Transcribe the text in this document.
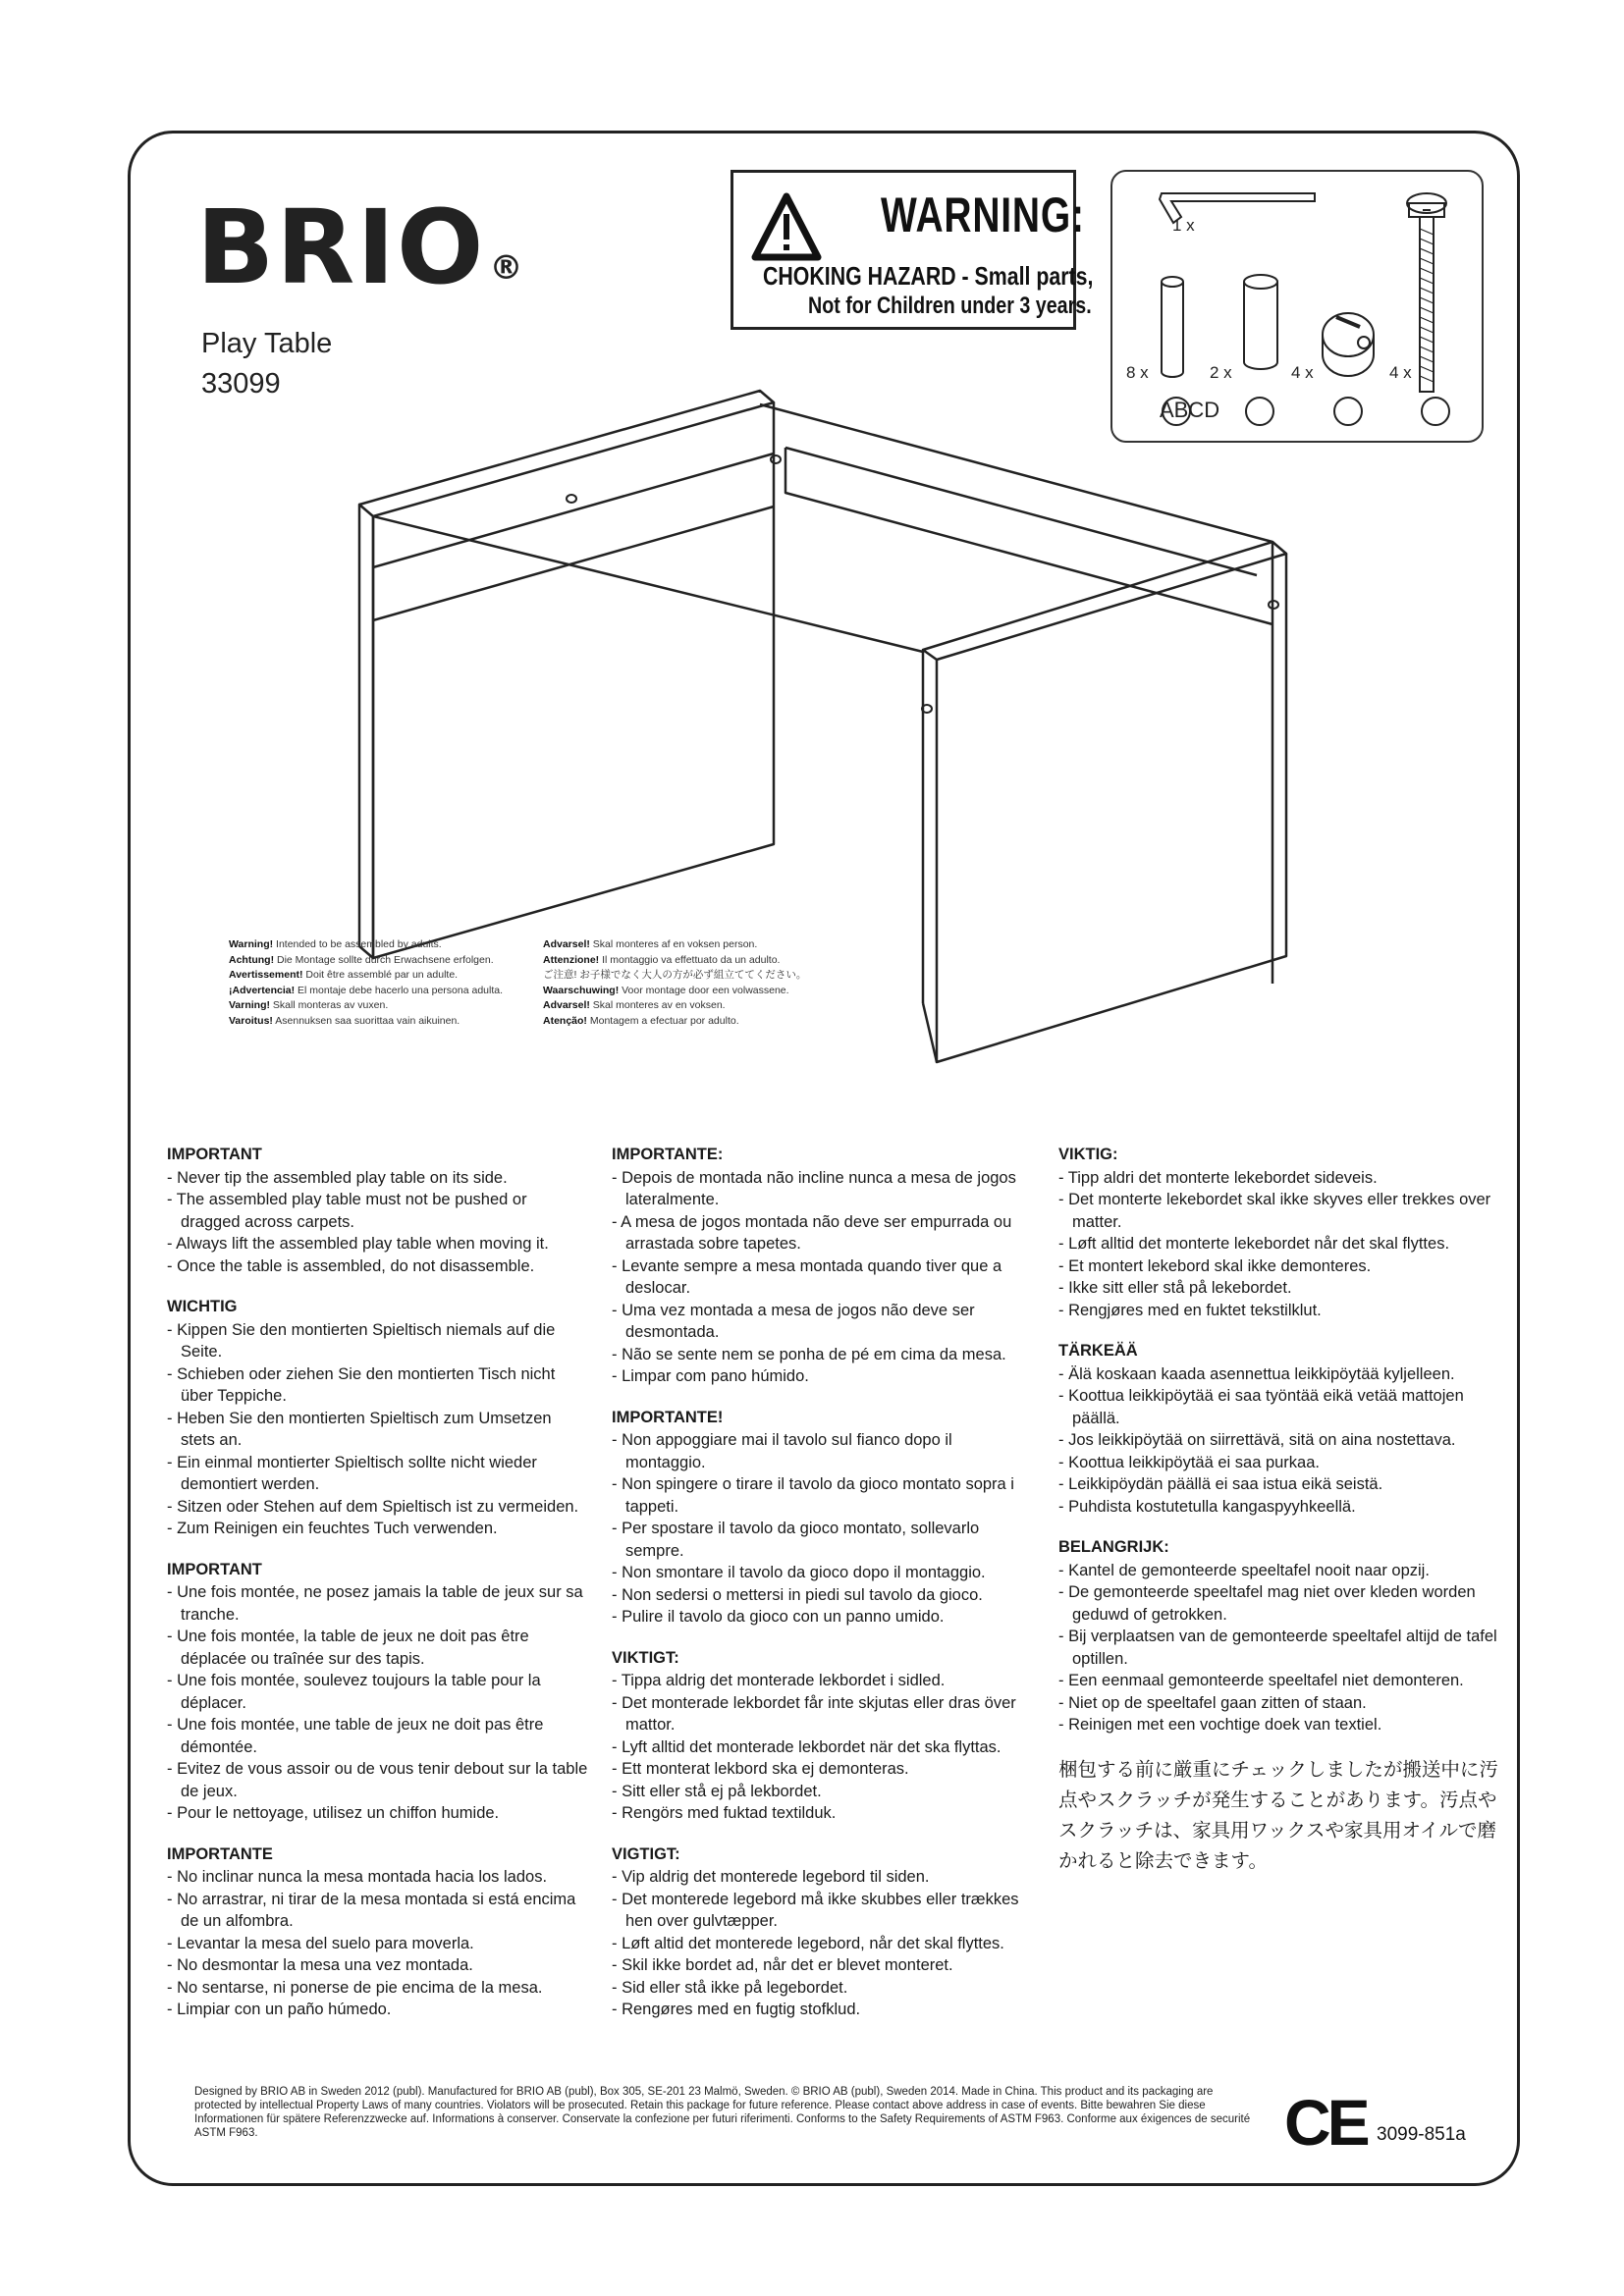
BRIO ®
Play Table
33099
WARNING:
CHOKING HAZARD - Small parts,
Not for Children under 3 years.
1 x
8 x	2 x	4 x	4 x
ABCD
Warning! Intended to be assembled by adults.
Achtung! Die Montage sollte durch Erwachsene erfolgen.
Avertissement! Doit être assemblé par un adulte.
¡Advertencia! El montaje debe hacerlo una persona adulta.
Varning! Skall monteras av vuxen.
Varoitus! Asennuksen saa suorittaa vain aikuinen.
Advarsel! Skal monteres af en voksen person.
Attenzione! Il montaggio va effettuato da un adulto.
ご注意! お子様でなく大人の方が必ず組立ててください。
Waarschuwing! Voor montage door een volwassene.
Advarsel! Skal monteres av en voksen.
Atenção! Montagem a efectuar por adulto.
IMPORTANT

- Never tip the assembled play table on its side.

- The assembled play table must not be pushed or dragged across carpets.

- Always lift the assembled play table when moving it.

- Once the table is assembled, do not disassemble.

WICHTIG

- Kippen Sie den montierten Spieltisch niemals auf die Seite.

- Schieben oder ziehen Sie den montierten Tisch nicht über Teppiche.

- Heben Sie den montierten Spieltisch zum Umsetzen stets an.

- Ein einmal montierter Spieltisch sollte nicht wieder demontiert werden.

- Sitzen oder Stehen auf dem Spieltisch ist zu vermeiden.

- Zum Reinigen ein feuchtes Tuch verwenden.

IMPORTANT

- Une fois montée, ne posez jamais la table de jeux sur sa tranche.

- Une fois montée, la table de jeux ne doit pas être déplacée ou traînée sur des tapis.

- Une fois montée, soulevez toujours la table pour la déplacer.

- Une fois montée, une table de jeux ne doit pas être démontée.

- Evitez de vous assoir ou de vous tenir debout sur la table de jeux.

- Pour le nettoyage, utilisez un chiffon humide.

IMPORTANTE

- No inclinar nunca la mesa montada hacia los lados.

- No arrastrar, ni tirar de la mesa montada si está encima de un alfombra.

- Levantar la mesa del suelo para moverla.

- No desmontar la mesa una vez montada.

- No sentarse, ni ponerse de pie encima de la mesa.

- Limpiar con un paño húmedo.

IMPORTANTE:

- Depois de montada não incline nunca a mesa de jogos lateralmente.

- A mesa de jogos montada não deve ser empurrada ou arrastada sobre tapetes.

- Levante sempre a mesa montada quando tiver que a deslocar.

- Uma vez montada a mesa de jogos não deve ser desmontada.

- Não se sente nem se ponha de pé em cima da mesa.

- Limpar com pano húmido.

IMPORTANTE!

- Non appoggiare mai il tavolo sul fianco dopo il montaggio.

- Non spingere o tirare il tavolo da gioco montato sopra i tappeti.

- Per spostare il tavolo da gioco montato, sollevarlo sempre.

- Non smontare il tavolo da gioco dopo il montaggio.

- Non sedersi o mettersi in piedi sul tavolo da gioco.

- Pulire il tavolo da gioco con un panno umido.

VIKTIGT:

- Tippa aldrig det monterade lekbordet i sidled.

- Det monterade lekbordet får inte skjutas eller dras över mattor.

- Lyft alltid det monterade lekbordet när det ska flyttas.

- Ett monterat lekbord ska ej demonteras.

- Sitt eller stå ej på lekbordet.

- Rengörs med fuktad textilduk.

VIGTIGT:

- Vip aldrig det monterede legebord til siden.

- Det monterede legebord må ikke skubbes eller trækkes hen over gulvtæpper.

- Løft altid det monterede legebord, når det skal flyttes.

- Skil ikke bordet ad, når det er blevet monteret.

- Sid eller stå ikke på legebordet.

- Rengøres med en fugtig stofklud.

VIKTIG:

- Tipp aldri det monterte lekebordet sideveis.

- Det monterte lekebordet skal ikke skyves eller trekkes over matter.

- Løft alltid det monterte lekebordet når det skal flyttes.

- Et montert lekebord skal ikke demonteres.

- Ikke sitt eller stå på lekebordet.

- Rengjøres med en fuktet tekstilklut.

TÄRKEÄÄ

- Älä koskaan kaada asennettua leikkipöytää kyljelleen.

- Koottua leikkipöytää ei saa työntää eikä vetää mattojen päällä.

- Jos leikkipöytää on siirrettävä, sitä on aina nostettava.

- Koottua leikkipöytää ei saa purkaa.

- Leikkipöydän päällä ei saa istua eikä seistä.

- Puhdista kostutetulla kangaspyyhkeellä.

BELANGRIJK:

- Kantel de gemonteerde speeltafel nooit naar opzij.

- De gemonteerde speeltafel mag niet over kleden worden geduwd of getrokken.

- Bij verplaatsen van de gemonteerde speeltafel altijd de tafel optillen.

- Een eenmaal gemonteerde speeltafel niet demonteren.

- Niet op de speeltafel gaan zitten of staan.

- Reinigen met een vochtige doek van textiel.

梱包する前に厳重にチェックしましたが搬送中に汚点やスクラッチが発生することがあります。汚点やスクラッチは、家具用ワックスや家具用オイルで磨かれると除去できます。

Designed by BRIO AB in Sweden 2012 (publ). Manufactured for BRIO AB (publ), Box 305, SE-201 23 Malmö, Sweden. © BRIO AB (publ), Sweden 2014. Made in China. This product and its packaging are protected by intellectual Property Laws of many countries. Violators will be prosecuted. Retain this package for future reference. Please contact above address in case of events. Bitte bewahren Sie diese Informationen für spätere Referenzzwecke auf. Informations à conserver. Conservate la confezione per futuri riferimenti. Conforms to the Safety Requirements of ASTM F963. Conforme aux éxigences de securité ASTM F963.	CE 3099-851a
